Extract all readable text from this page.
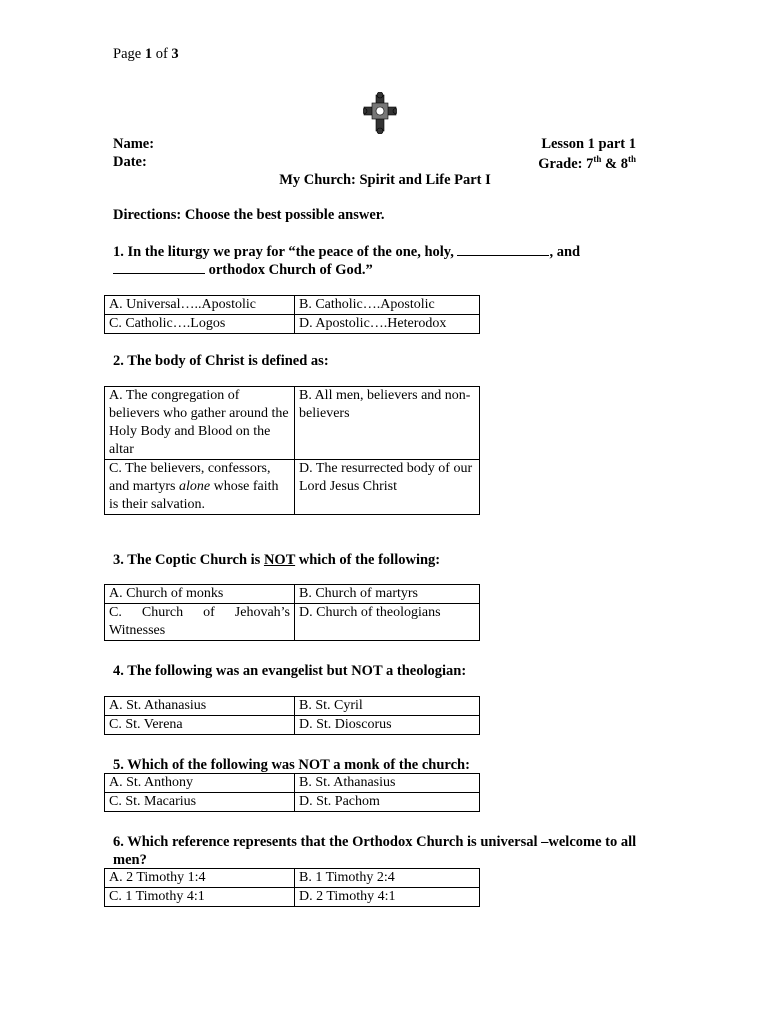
Page 1 of 3
Name:
Date:
Lesson 1 part 1
Grade: 7th & 8th
My Church: Spirit and Life Part I
Directions: Choose the best possible answer.
1. In the liturgy we pray for “the peace of the one, holy,	, and
orthodox Church of God.”
A. Universal…..Apostolic	B. Catholic….Apostolic
C. Catholic….Logos	D. Apostolic….Heterodox
2. The body of Christ is defined as:
A. The congregation of believers who gather around the Holy Body and Blood on the altar	B. All men, believers and non-believers
C. The believers, confessors, and martyrs alone whose faith is their salvation.	D. The resurrected body of our Lord Jesus Christ
3. The Coptic Church is NOT which of the following:
A. Church of monks	B. Church of martyrs
C. Church of Jehovah’s Witnesses	D. Church of theologians
4. The following was an evangelist but NOT a theologian:
A. St. Athanasius	B. St. Cyril
C. St. Verena	D. St. Dioscorus
5. Which of the following was NOT a monk of the church:
A. St. Anthony	B. St. Athanasius
C. St. Macarius	D. St. Pachom
6. Which reference represents that the Orthodox Church is universal –welcome to all men?
A. 2 Timothy 1:4	B. 1 Timothy 2:4
C. 1 Timothy 4:1	D. 2 Timothy 4:1
